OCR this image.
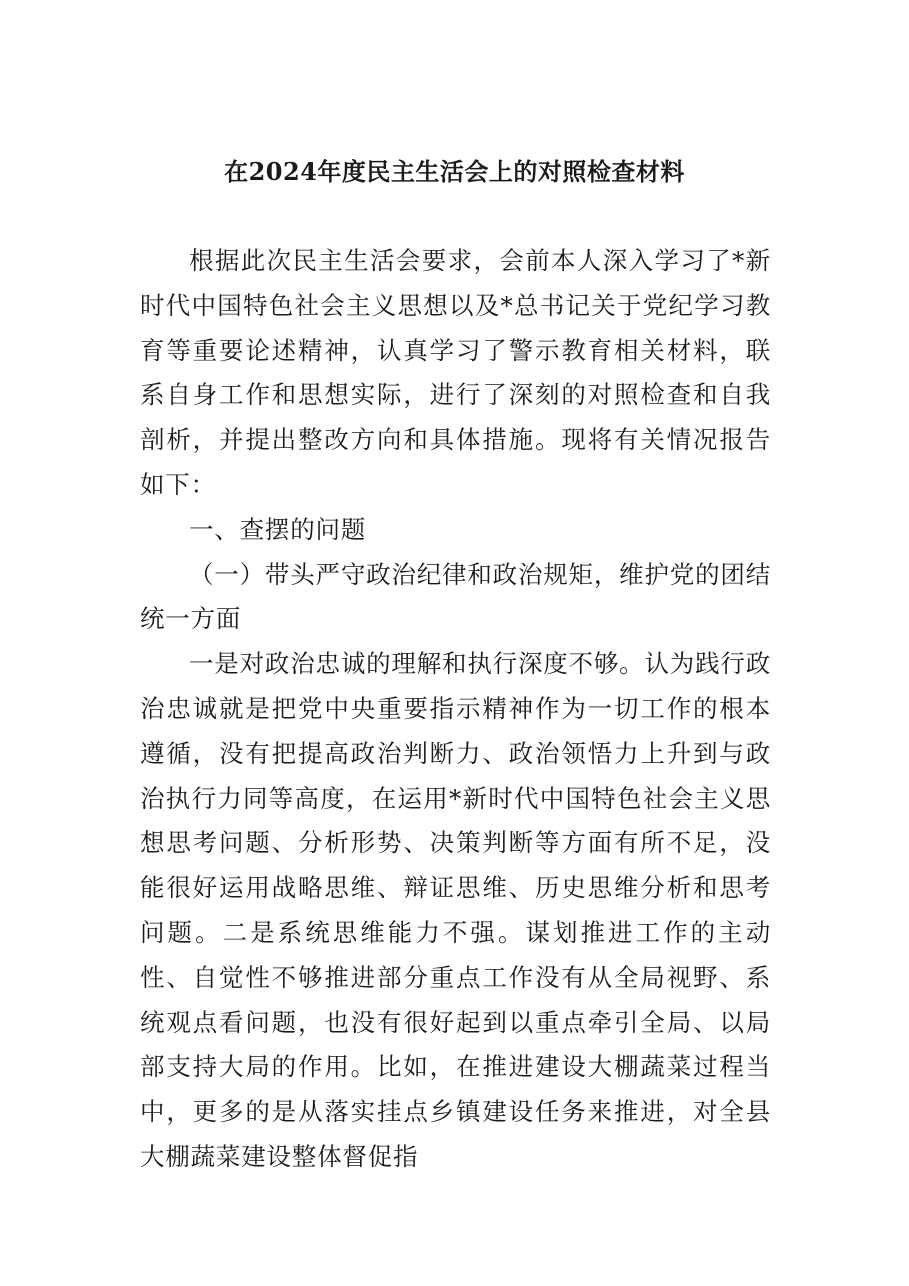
在2024年度民主生活会上的对照检查材料

根据此次民主生活会要求，会前本人深入学习了*新时代中国特色社会主义思想以及*总书记关于党纪学习教育等重要论述精神，认真学习了警示教育相关材料，联系自身工作和思想实际，进行了深刻的对照检查和自我剖析，并提出整改方向和具体措施。现将有关情况报告如下：

一、查摆的问题

（一）带头严守政治纪律和政治规矩，维护党的团结统一方面

一是对政治忠诚的理解和执行深度不够。认为践行政治忠诚就是把党中央重要指示精神作为一切工作的根本遵循，没有把提高政治判断力、政治领悟力上升到与政治执行力同等高度，在运用*新时代中国特色社会主义思想思考问题、分析形势、决策判断等方面有所不足，没能很好运用战略思维、辩证思维、历史思维分析和思考问题。二是系统思维能力不强。谋划推进工作的主动性、自觉性不够推进部分重点工作没有从全局视野、系统观点看问题，也没有很好起到以重点牵引全局、以局部支持大局的作用。比如，在推进建设大棚蔬菜过程当中，更多的是从落实挂点乡镇建设任务来推进，对全县大棚蔬菜建设整体督促指
